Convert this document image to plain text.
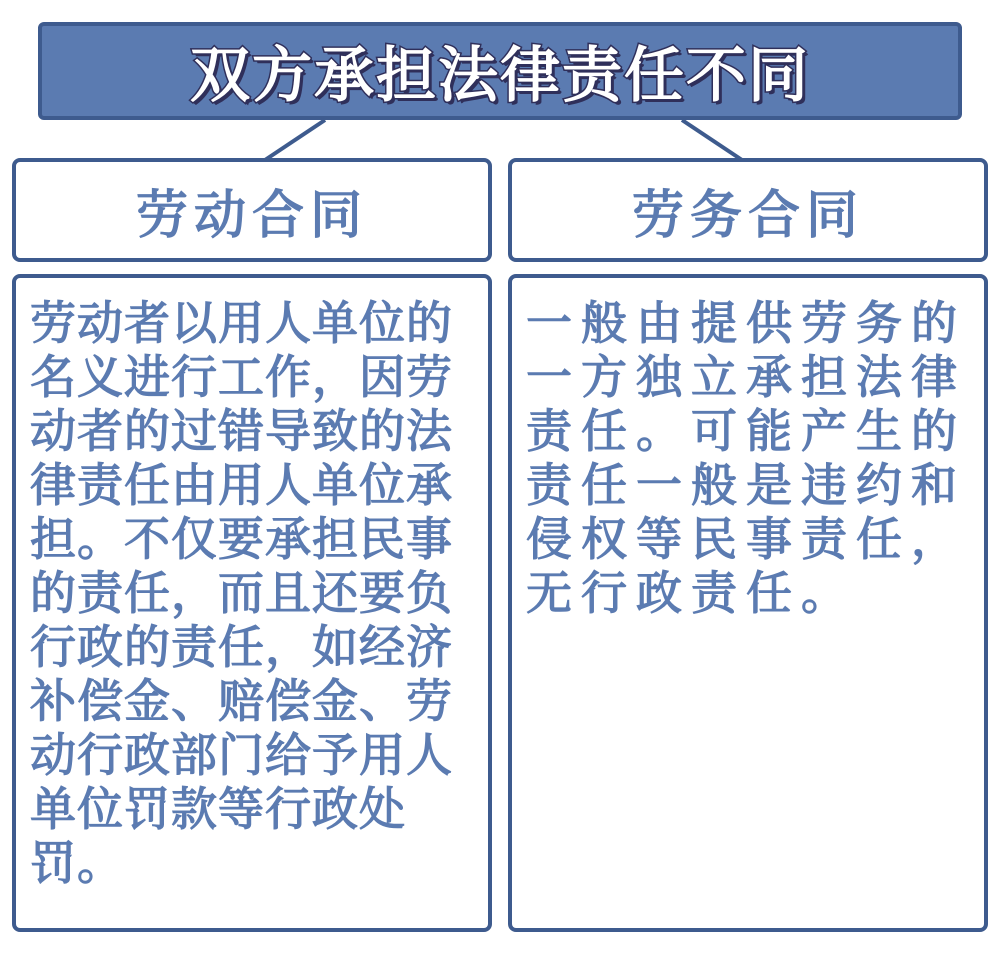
双方承担法律责任不同
劳动合同	劳务合同

劳动者以用人单位的名义进行工作，因劳动者的过错导致的法律责任由用人单位承担。不仅要承担民事的责任，而且还要负行政的责任，如经济补偿金、赔偿金、劳动行政部门给予用人单位罚款等行政处罚。

一般由提供劳务的一方独立承担法律责任。可能产生的责任一般是违约和侵权等民事责任，无行政责任。
